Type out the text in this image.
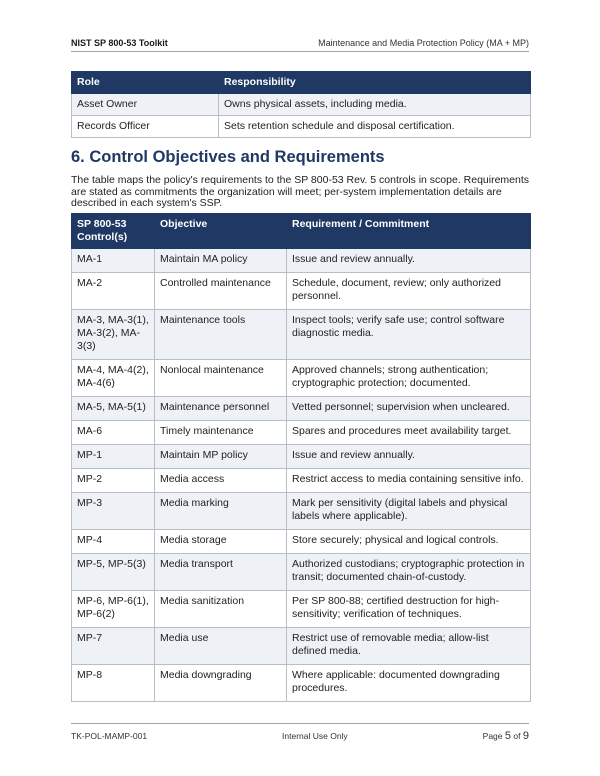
NIST SP 800-53 Toolkit	Maintenance and Media Protection Policy (MA + MP)
Role	Responsibility
Asset Owner	Owns physical assets, including media.
Records Officer	Sets retention schedule and disposal certification.
6. Control Objectives and Requirements

The table maps the policy's requirements to the SP 800-53 Rev. 5 controls in scope. Requirements are stated as commitments the organization will meet; per-system implementation details are described in each system's SSP.

SP 800-53 Control(s)	Objective	Requirement / Commitment
MA-1	Maintain MA policy	Issue and review annually.
MA-2	Controlled maintenance	Schedule, document, review; only authorized personnel.
MA-3, MA-3(1), MA-3(2), MA-3(3)	Maintenance tools	Inspect tools; verify safe use; control software diagnostic media.
MA-4, MA-4(2), MA-4(6)	Nonlocal maintenance	Approved channels; strong authentication; cryptographic protection; documented.
MA-5, MA-5(1)	Maintenance personnel	Vetted personnel; supervision when uncleared.
MA-6	Timely maintenance	Spares and procedures meet availability target.
MP-1	Maintain MP policy	Issue and review annually.
MP-2	Media access	Restrict access to media containing sensitive info.
MP-3	Media marking	Mark per sensitivity (digital labels and physical labels where applicable).
MP-4	Media storage	Store securely; physical and logical controls.
MP-5, MP-5(3)	Media transport	Authorized custodians; cryptographic protection in transit; documented chain-of-custody.
MP-6, MP-6(1), MP-6(2)	Media sanitization	Per SP 800-88; certified destruction for high-sensitivity; verification of techniques.
MP-7	Media use	Restrict use of removable media; allow-list defined media.
MP-8	Media downgrading	Where applicable: documented downgrading procedures.
TK-POL-MAMP-001	Internal Use Only	Page 5 of 9
